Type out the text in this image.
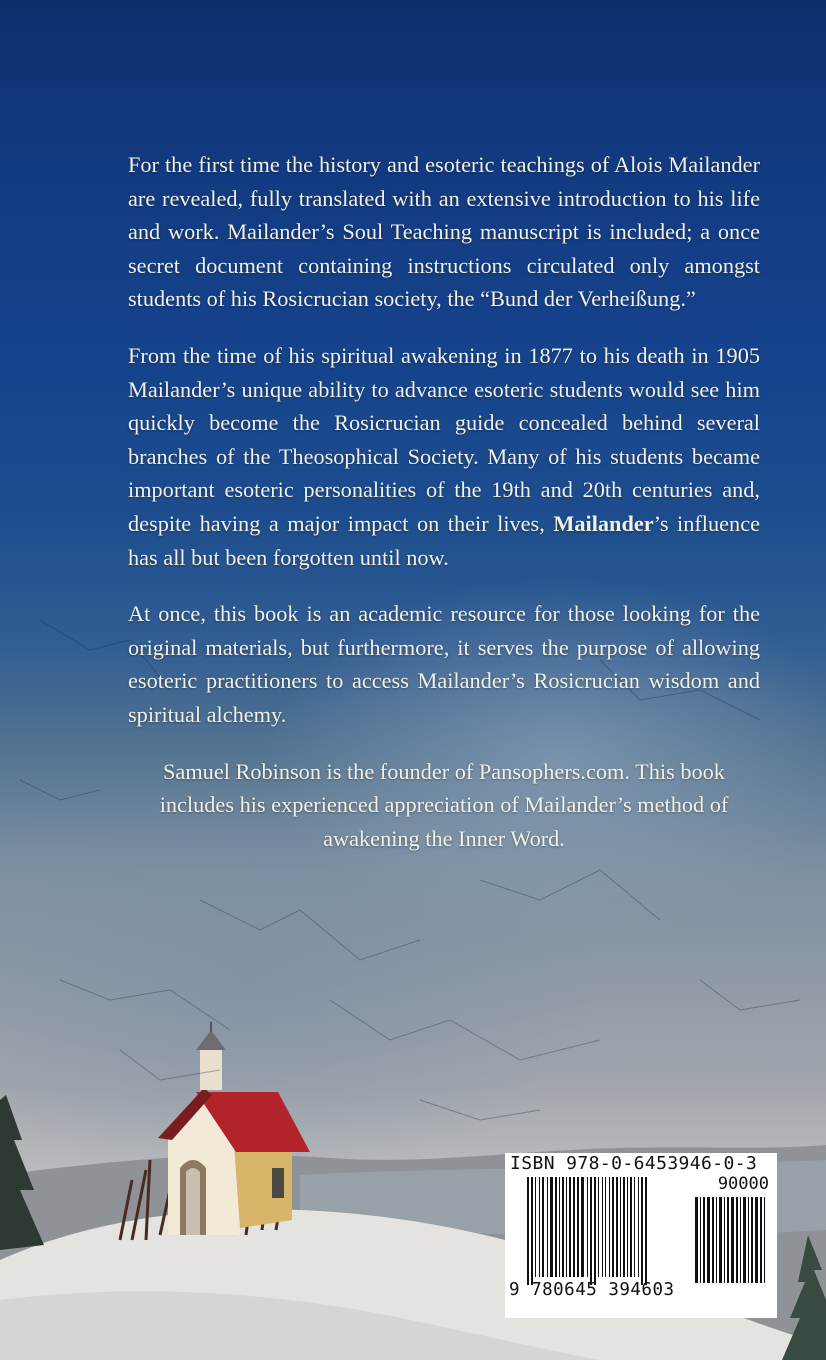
For the first time the history and esoteric teachings of Alois Mailander are revealed, fully translated with an extensive introduction to his life and work. Mailander’s Soul Teaching manuscript is included; a once secret document containing instructions circulated only amongst students of his Rosicrucian society, the “Bund der Verheißung.”

From the time of his spiritual awakening in 1877 to his death in 1905 Mailander’s unique ability to advance esoteric students would see him quickly become the Rosicrucian guide concealed behind several branches of the Theosophical Society. Many of his students became important esoteric personalities of the 19th and 20th centuries and, despite having a major impact on their lives, Mailander’s influence has all but been forgotten until now.

At once, this book is an academic resource for those looking for the original materials, but furthermore, it serves the purpose of allowing esoteric practitioners to access Mailander’s Rosicrucian wisdom and spiritual alchemy.

Samuel Robinson is the founder of Pansophers.com. This book includes his experienced appreciation of Mailander’s method of awakening the Inner Word.

ISBN 978-0-6453946-0-3
90000
9 780645 394603
